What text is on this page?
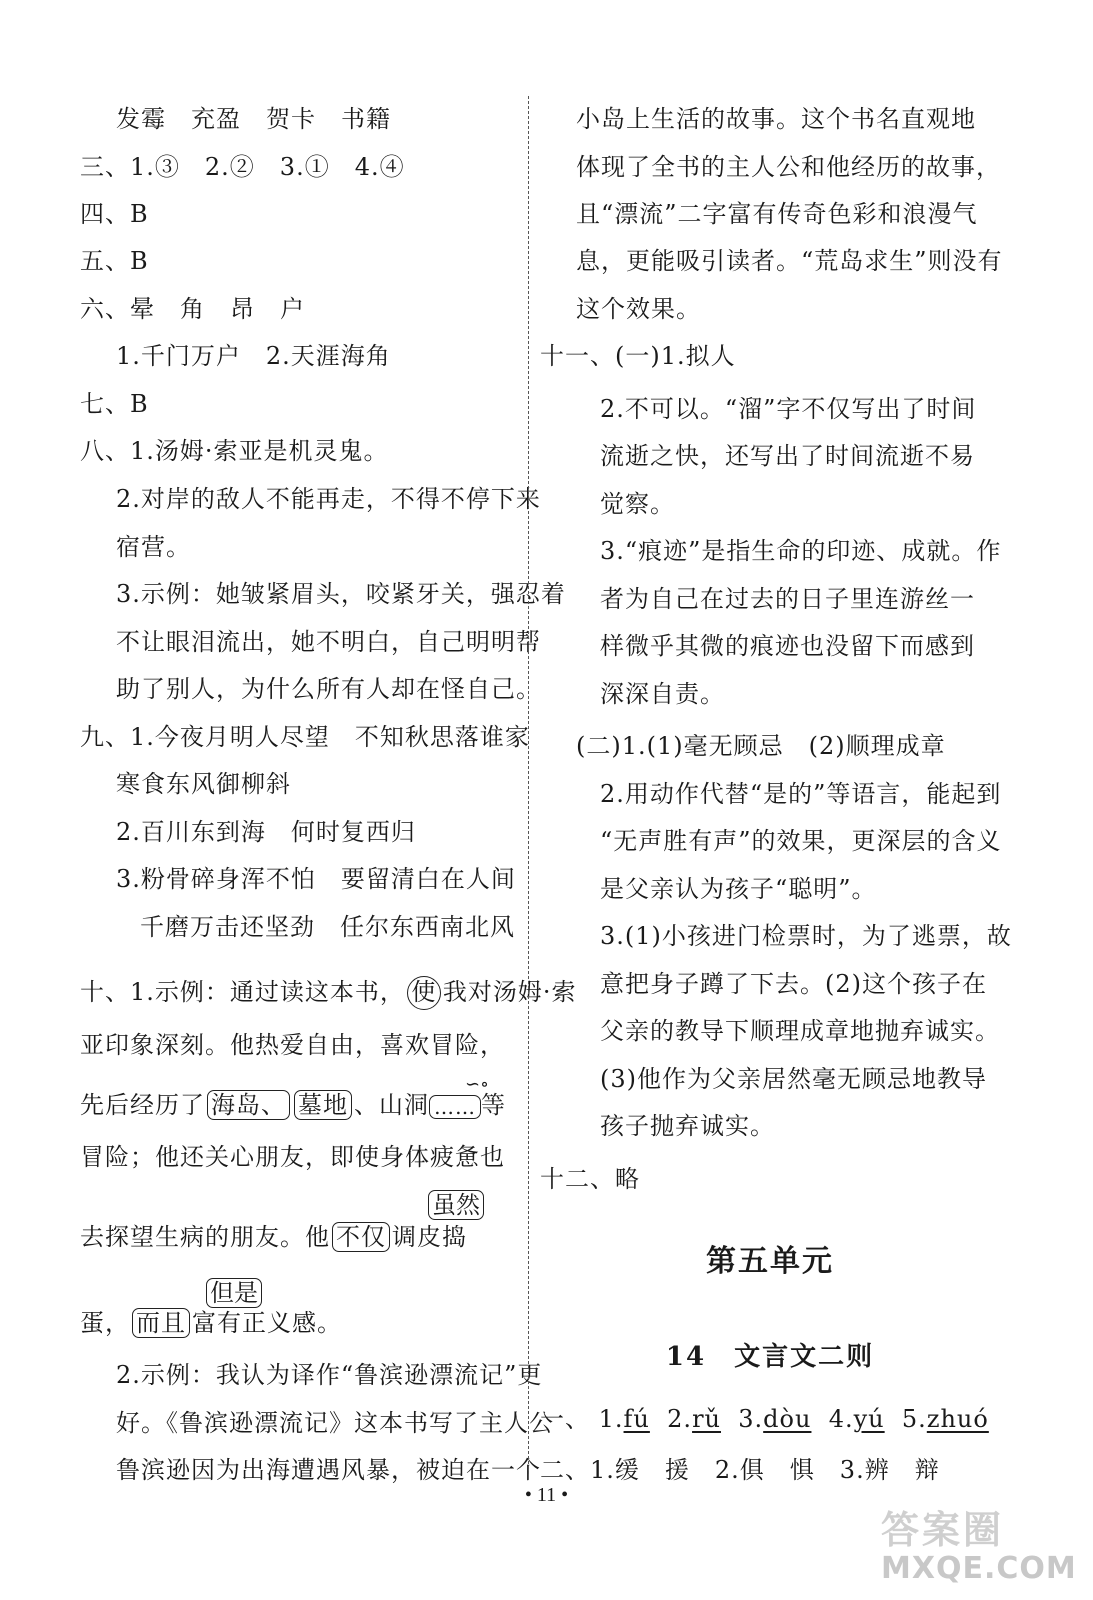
发霉　充盈　贺卡　书籍
三、1.③　2.②　3.①　4.④
四、B
五、B
六、晕　角　昂　户
1.千门万户　2.天涯海角
七、B
八、1.汤姆·索亚是机灵鬼。
2.对岸的敌人不能再走，不得不停下来
宿营。
3.示例：她皱紧眉头，咬紧牙关，强忍着
不让眼泪流出，她不明白，自己明明帮
助了别人，为什么所有人却在怪自己。
九、1.今夜月明人尽望　不知秋思落谁家
寒食东风御柳斜
2.百川东到海　何时复西归
3.粉骨碎身浑不怕　要留清白在人间
千磨万击还坚劲　任尔东西南北风
十、1.示例：通过读这本书， 使 我对汤姆·索
亚印象深刻。他热爱自由，喜欢冒险，
先后经历了 海岛、 墓地 、山洞 …… 等
∽∘
冒险；他还关心朋友，即使身体疲惫也
虽然
去探望生病的朋友。他 不仅 调皮捣
但是
蛋， 而且 富有正义感。
2.示例：我认为译作“鲁滨逊漂流记”更
好。《鲁滨逊漂流记》这本书写了主人公
鲁滨逊因为出海遭遇风暴，被迫在一个
小岛上生活的故事。这个书名直观地
体现了全书的主人公和他经历的故事，
且“漂流”二字富有传奇色彩和浪漫气
息，更能吸引读者。“荒岛求生”则没有
这个效果。
十一、(一)1.拟人
2.不可以。“溜”字不仅写出了时间
流逝之快，还写出了时间流逝不易
觉察。
3.“痕迹”是指生命的印迹、成就。作
者为自己在过去的日子里连游丝一
样微乎其微的痕迹也没留下而感到
深深自责。
(二)1.(1)毫无顾忌　(2)顺理成章
2.用动作代替“是的”等语言，能起到
“无声胜有声”的效果，更深层的含义
是父亲认为孩子“聪明”。
3.(1)小孩进门检票时，为了逃票，故
意把身子蹲了下去。(2)这个孩子在
父亲的教导下顺理成章地抛弃诚实。
(3)他作为父亲居然毫无顾忌地教导
孩子抛弃诚实。
十二、略
第五单元
14　文言文二则
一、 1.fú 2.rǔ 3.dòu 4.yú 5.zhuó
二、1.缓　援　2.俱　惧　3.辨　辩
• 11 •
答案圈
MXQE.COM
